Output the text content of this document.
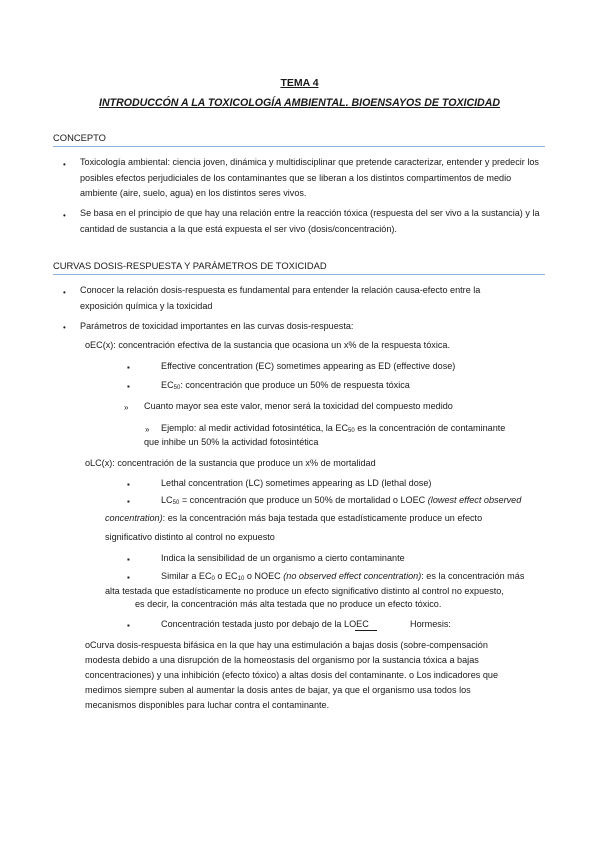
TEMA 4
INTRODUCCÓN A LA TOXICOLOGÍA AMBIENTAL. BIOENSAYOS DE TOXICIDAD
CONCEPTO
• Toxicología ambiental: ciencia joven, dinámica y multidisciplinar que pretende caracterizar, entender y predecir los posibles efectos perjudiciales de los contaminantes que se liberan a los distintos compartimentos de medio ambiente (aire, suelo, agua) en los distintos seres vivos.
• Se basa en el principio de que hay una relación entre la reacción tóxica (respuesta del ser vivo a la sustancia) y la cantidad de sustancia a la que está expuesta el ser vivo (dosis/concentración).
CURVAS DOSIS-RESPUESTA Y PARÁMETROS DE TOXICIDAD
• Conocer la relación dosis-respuesta es fundamental para entender la relación causa-efecto entre la exposición química y la toxicidad
• Parámetros de toxicidad importantes en las curvas dosis-respuesta:
oEC(x): concentración efectiva de la sustancia que ocasiona un x% de la respuesta tóxica.
▪	Effective concentration (EC) sometimes appearing as ED (effective dose)
▪	$EC_{50}$: concentración que produce un 50% de respuesta tóxica
» Cuanto mayor sea este valor, menor será la toxicidad del compuesto medido
» Ejemplo: al medir actividad fotosintética, la $EC_{50}$ es la concentración de contaminante
que inhibe un 50% la actividad fotosintética
oLC(x): concentración de la sustancia que produce un x% de mortalidad
▪	Lethal concentration (LC) sometimes appearing as LD (lethal dose)
▪	$LC_{50}$ = concentración que produce un 50% de mortalidad o LOEC (lowest effect observed
concentration): es la concentración más baja testada que estadísticamente produce un efecto
significativo distinto al control no expuesto
▪	Indica la sensibilidad de un organismo a cierto contaminante
▪	Similar a $EC_0$ o $EC_{10}$ o NOEC (no observed effect concentration): es la concentración más
alta testada que estadísticamente no produce un efecto significativo distinto al control no expuesto,
es decir, la concentración más alta testada que no produce un efecto tóxico.
▪	Concentración testada justo por debajo de la LOEC	Hormesis:
oCurva dosis-respuesta bifásica en la que hay una estimulación a bajas dosis (sobre-compensación
modesta debido a una disrupción de la homeostasis del organismo por la sustancia tóxica a bajas
concentraciones) y una inhibición (efecto tóxico) a altas dosis del contaminante. o Los indicadores que
medimos siempre suben al aumentar la dosis antes de bajar, ya que el organismo usa todos los
mecanismos disponibles para luchar contra el contaminante.
